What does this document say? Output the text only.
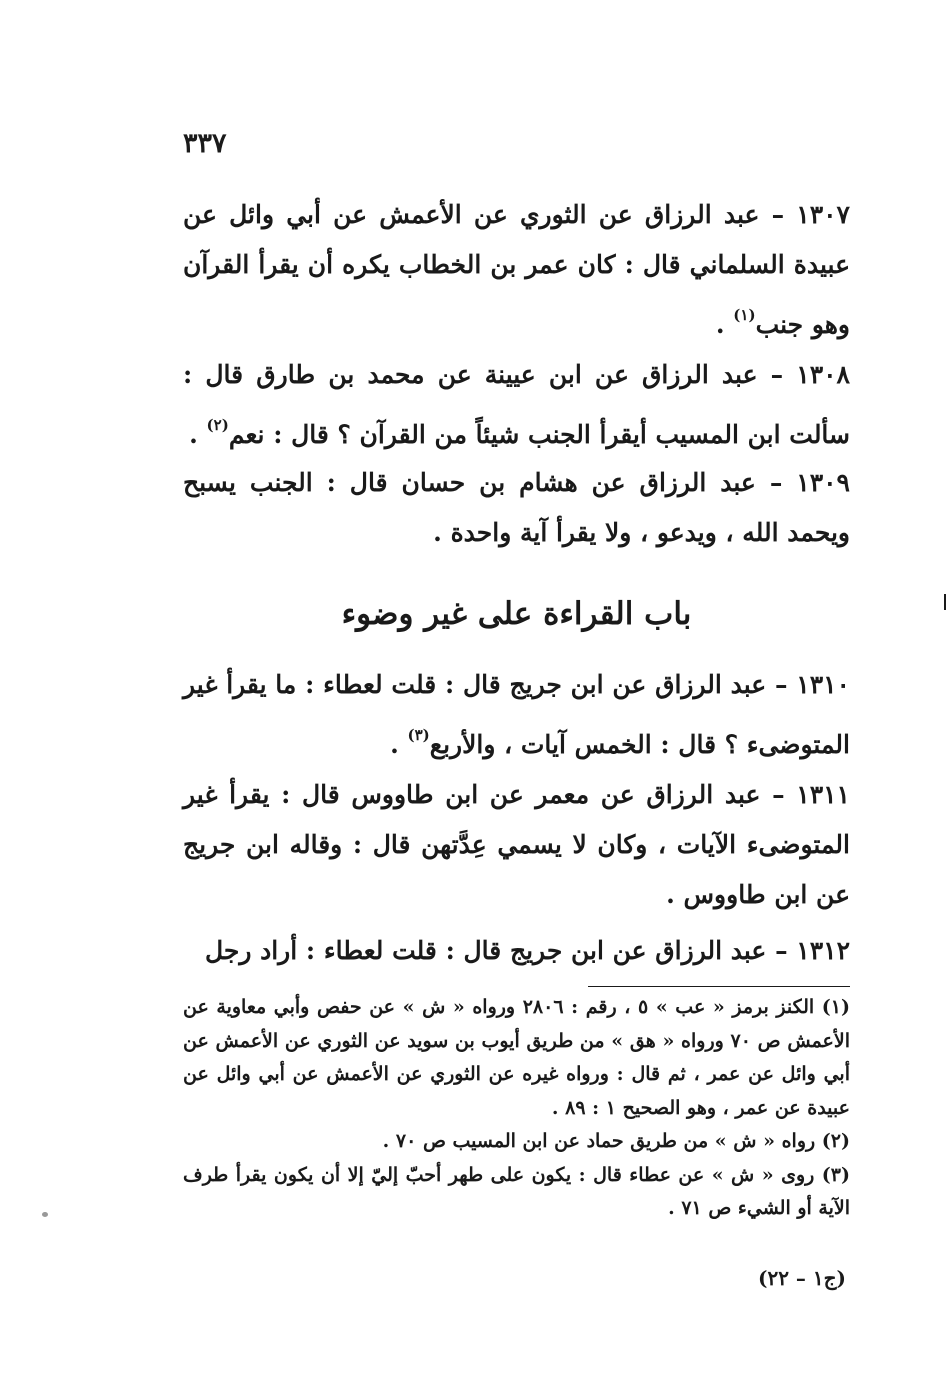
٣٣٧
١٣٠٧ – عبد الرزاق عن الثوري عن الأعمش عن أبي وائل عن عبيدة السلماني قال : كان عمر بن الخطاب يكره أن يقرأ القرآن وهو جنب$^{(١)}$ .
١٣٠٨ – عبد الرزاق عن ابن عيينة عن محمد بن طارق قال : سألت ابن المسيب أيقرأ الجنب شيئاً من القرآن ؟ قال : نعم$^{(٢)}$ .
١٣٠٩ – عبد الرزاق عن هشام بن حسان قال : الجنب يسبح ويحمد الله ، ويدعو ، ولا يقرأ آية واحدة .
باب القراءة على غير وضوء
١٣١٠ – عبد الرزاق عن ابن جريج قال : قلت لعطاء : ما يقرأ غير المتوضىء ؟ قال : الخمس آيات ، والأربع$^{(٣)}$ .
١٣١١ – عبد الرزاق عن معمر عن ابن طاووس قال : يقرأ غير المتوضىء الآيات ، وكان لا يسمي عِدَّتهن قال : وقاله ابن جريج عن ابن طاووس .
١٣١٢ – عبد الرزاق عن ابن جريج قال : قلت لعطاء : أراد رجل

(١) الكنز برمز « عب » ٥ ، رقم : ٢٨٠٦ ورواه « ش » عن حفص وأبي معاوية عن الأعمش ص ٧٠ ورواه « هق » من طريق أيوب بن سويد عن الثوري عن الأعمش عن أبي وائل عن عمر ، ثم قال : ورواه غيره عن الثوري عن الأعمش عن أبي وائل عن عبيدة عن عمر ، وهو الصحيح ١ : ٨٩ .

(٢) رواه « ش » من طريق حماد عن ابن المسيب ص ٧٠ .

(٣) روى « ش » عن عطاء قال : يكون على طهر أحبّ إليّ إلا أن يكون يقرأ طرف الآية أو الشيء ص ٧١ .

(ج١ – ٢٢)
